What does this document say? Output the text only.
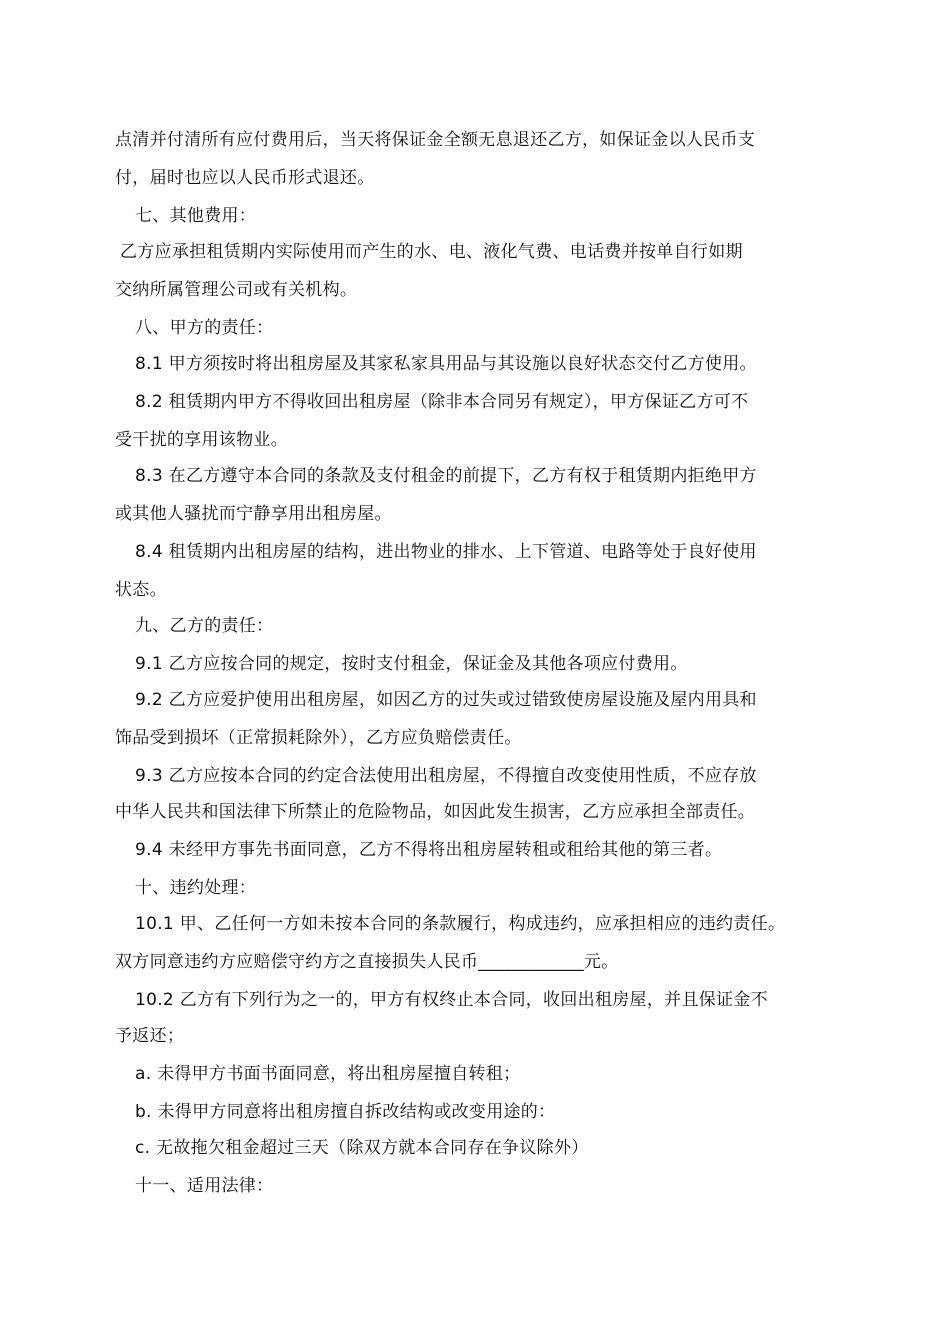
点清并付清所有应付费用后，当天将保证金全额无息退还乙方，如保证金以人民币支
付，届时也应以人民币形式退还。
七、其他费用：
乙方应承担租赁期内实际使用而产生的水、电、液化气费、电话费并按单自行如期
交纳所属管理公司或有关机构。
八、甲方的责任：
8.1 甲方须按时将出租房屋及其家私家具用品与其设施以良好状态交付乙方使用。
8.2 租赁期内甲方不得收回出租房屋（除非本合同另有规定），甲方保证乙方可不
受干扰的享用该物业。
8.3 在乙方遵守本合同的条款及支付租金的前提下，乙方有权于租赁期内拒绝甲方
或其他人骚扰而宁静享用出租房屋。
8.4 租赁期内出租房屋的结构，进出物业的排水、上下管道、电路等处于良好使用
状态。
九、乙方的责任：
9.1 乙方应按合同的规定，按时支付租金，保证金及其他各项应付费用。
9.2 乙方应爱护使用出租房屋，如因乙方的过失或过错致使房屋设施及屋内用具和
饰品受到损坏（正常损耗除外），乙方应负赔偿责任。
9.3 乙方应按本合同的约定合法使用出租房屋，不得擅自改变使用性质，不应存放
中华人民共和国法律下所禁止的危险物品，如因此发生损害，乙方应承担全部责任。
9.4 未经甲方事先书面同意，乙方不得将出租房屋转租或租给其他的第三者。
十、违约处理：
10.1 甲、乙任何一方如未按本合同的条款履行，构成违约，应承担相应的违约责任。
双方同意违约方应赔偿守约方之直接损失人民币____________元。
10.2 乙方有下列行为之一的，甲方有权终止本合同，收回出租房屋，并且保证金不
予返还；
a. 未得甲方书面书面同意，将出租房屋擅自转租；
b. 未得甲方同意将出租房擅自拆改结构或改变用途的：
c. 无故拖欠租金超过三天（除双方就本合同存在争议除外）
十一、适用法律：
